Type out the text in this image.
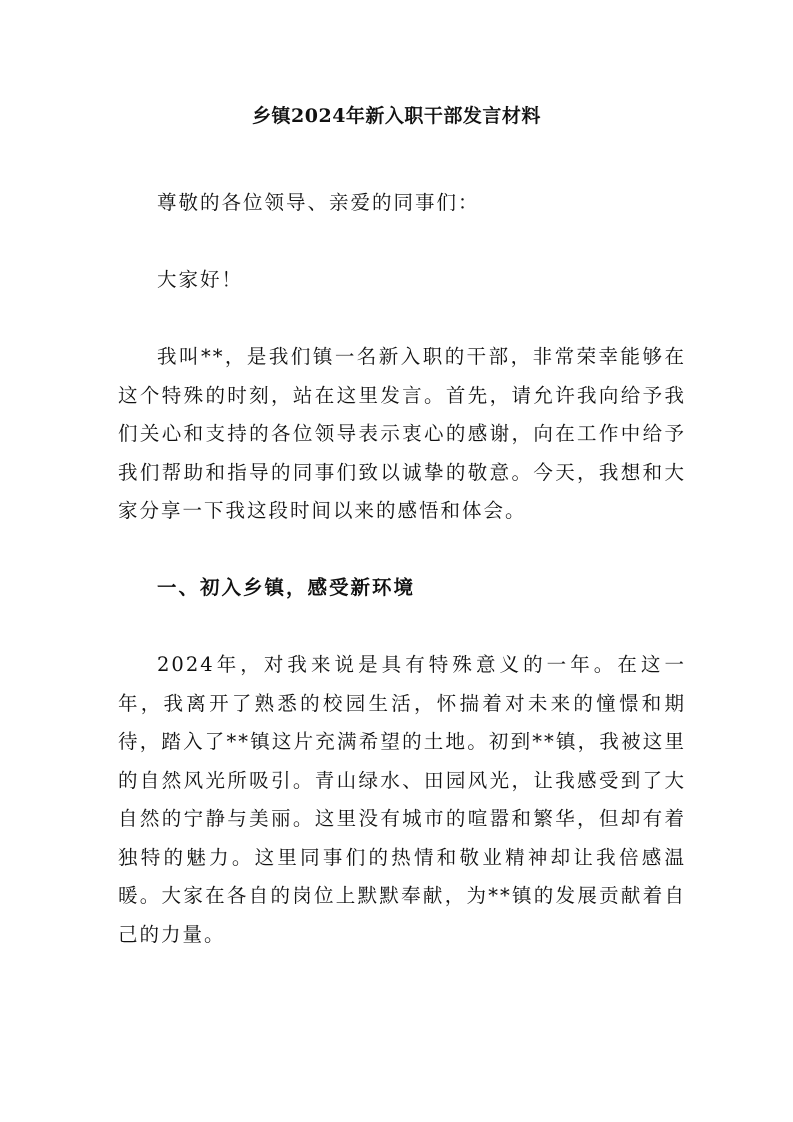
乡镇2024年新入职干部发言材料

尊敬的各位领导、亲爱的同事们：

大家好！

我叫**，是我们镇一名新入职的干部，非常荣幸能够在这个特殊的时刻，站在这里发言。首先，请允许我向给予我们关心和支持的各位领导表示衷心的感谢，向在工作中给予我们帮助和指导的同事们致以诚挚的敬意。今天，我想和大家分享一下我这段时间以来的感悟和体会。

一、初入乡镇，感受新环境

2024年，对我来说是具有特殊意义的一年。在这一年，我离开了熟悉的校园生活，怀揣着对未来的憧憬和期待，踏入了**镇这片充满希望的土地。初到**镇，我被这里的自然风光所吸引。青山绿水、田园风光，让我感受到了大自然的宁静与美丽。这里没有城市的喧嚣和繁华，但却有着独特的魅力。这里同事们的热情和敬业精神却让我倍感温暖。大家在各自的岗位上默默奉献，为**镇的发展贡献着自己的力量。
